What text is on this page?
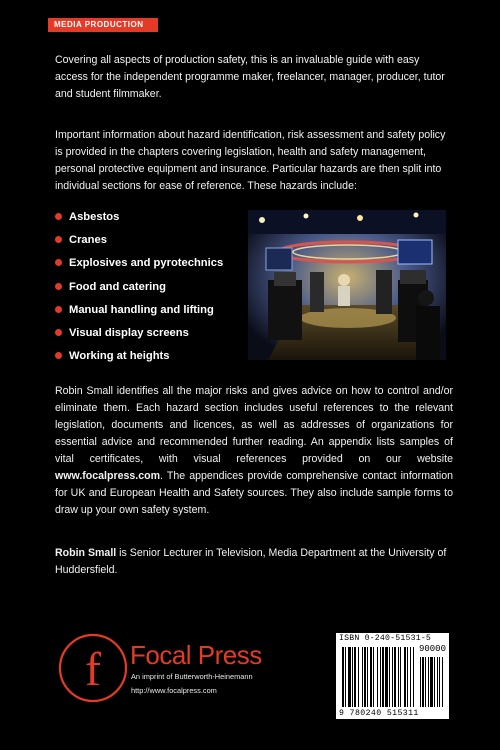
MEDIA PRODUCTION

Covering all aspects of production safety, this is an invaluable guide with easy access for the independent programme maker, freelancer, manager, producer, tutor and student filmmaker.

Important information about hazard identification, risk assessment and safety policy is provided in the chapters covering legislation, health and safety management, personal protective equipment and insurance. Particular hazards are then split into individual sections for ease of reference. These hazards include:

Asbestos
Cranes
Explosives and pyrotechnics
Food and catering
Manual handling and lifting
Visual display screens
Working at heights

Robin Small identifies all the major risks and gives advice on how to control and/or eliminate them. Each hazard section includes useful references to the relevant legislation, documents and licences, as well as addresses of organizations for essential advice and recommended further reading. An appendix lists samples of vital certificates, with visual references provided on our website www.focalpress.com. The appendices provide comprehensive contact information for UK and European Health and Safety sources. They also include sample forms to draw up your own safety system.

Robin Small is Senior Lecturer in Television, Media Department at the University of Huddersfield.

f Focal Press
An imprint of Butterworth-Heinemann
http://www.focalpress.com
ISBN 0-240-51531-5
90000
9 780240 515311
